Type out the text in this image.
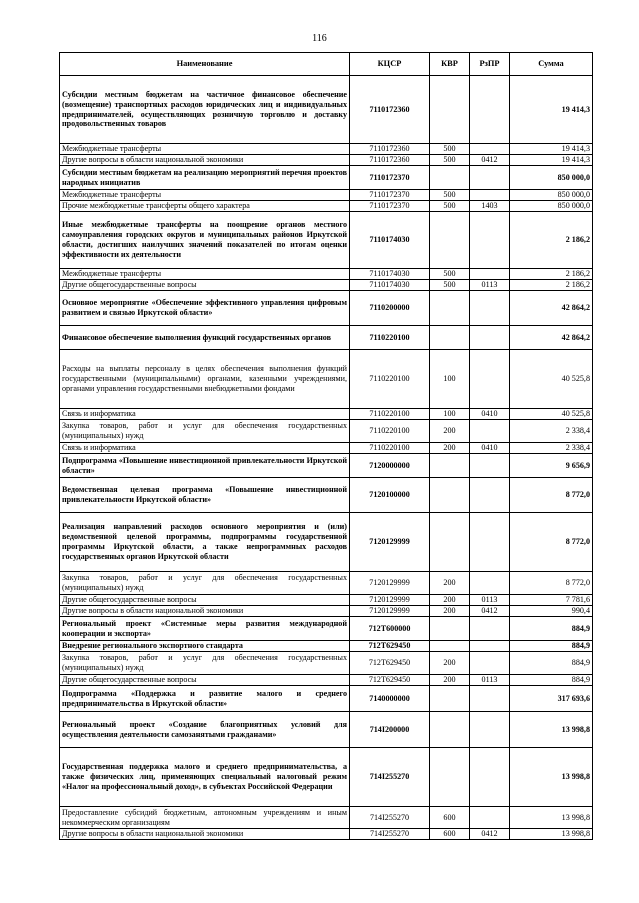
116
Наименование	КЦСР	КВР	РзПР	Сумма
Субсидии местным бюджетам на частичное финансовое обеспечение (возмещение) транспортных расходов юридических лиц и индивидуальных предпринимателей, осуществляющих розничную торговлю и доставку продовольственных товаров	7110172360			19 414,3
Межбюджетные трансферты	7110172360	500		19 414,3
Другие вопросы в области национальной экономики	7110172360	500	0412	19 414,3
Субсидии местным бюджетам на реализацию мероприятий перечня проектов народных инициатив	7110172370			850 000,0
Межбюджетные трансферты	7110172370	500		850 000,0
Прочие межбюджетные трансферты общего характера	7110172370	500	1403	850 000,0
Иные межбюджетные трансферты на поощрение органов местного самоуправления городских округов и муниципальных районов Иркутской области, достигших наилучших значений показателей по итогам оценки эффективности их деятельности	7110174030			2 186,2
Межбюджетные трансферты	7110174030	500		2 186,2
Другие общегосударственные вопросы	7110174030	500	0113	2 186,2
Основное мероприятие «Обеспечение эффективного управления цифровым развитием и связью Иркутской области»	7110200000			42 864,2
Финансовое обеспечение выполнения функций государственных органов	7110220100			42 864,2
Расходы на выплаты персоналу в целях обеспечения выполнения функций государственными (муниципальными) органами, казенными учреждениями, органами управления государственными внебюджетными фондами	7110220100	100		40 525,8
Связь и информатика	7110220100	100	0410	40 525,8
Закупка товаров, работ и услуг для обеспечения государственных (муниципальных) нужд	7110220100	200		2 338,4
Связь и информатика	7110220100	200	0410	2 338,4
Подпрограмма «Повышение инвестиционной привлекательности Иркутской области»	7120000000			9 656,9
Ведомственная целевая программа «Повышение инвестиционной привлекательности Иркутской области»	7120100000			8 772,0
Реализация направлений расходов основного мероприятия и (или) ведомственной целевой программы, подпрограммы государственной программы Иркутской области, а также непрограммных расходов государственных органов Иркутской области	7120129999			8 772,0
Закупка товаров, работ и услуг для обеспечения государственных (муниципальных) нужд	7120129999	200		8 772,0
Другие общегосударственные вопросы	7120129999	200	0113	7 781,6
Другие вопросы в области национальной экономики	7120129999	200	0412	990,4
Региональный проект «Системные меры развития международной кооперации и экспорта»	712Т600000			884,9
Внедрение регионального экспортного стандарта	712Т629450			884,9
Закупка товаров, работ и услуг для обеспечения государственных (муниципальных) нужд	712Т629450	200		884,9
Другие общегосударственные вопросы	712Т629450	200	0113	884,9
Подпрограмма «Поддержка и развитие малого и среднего предпринимательства в Иркутской области»	7140000000			317 693,6
Региональный проект «Создание благоприятных условий для осуществления деятельности самозанятыми гражданами»	714I200000			13 998,8
Государственная поддержка малого и среднего предпринимательства, а также физических лиц, применяющих специальный налоговый режим «Налог на профессиональный доход», в субъектах Российской Федерации	714I255270			13 998,8
Предоставление субсидий бюджетным, автономным учреждениям и иным некоммерческим организациям	714I255270	600		13 998,8
Другие вопросы в области национальной экономики	714I255270	600	0412	13 998,8
